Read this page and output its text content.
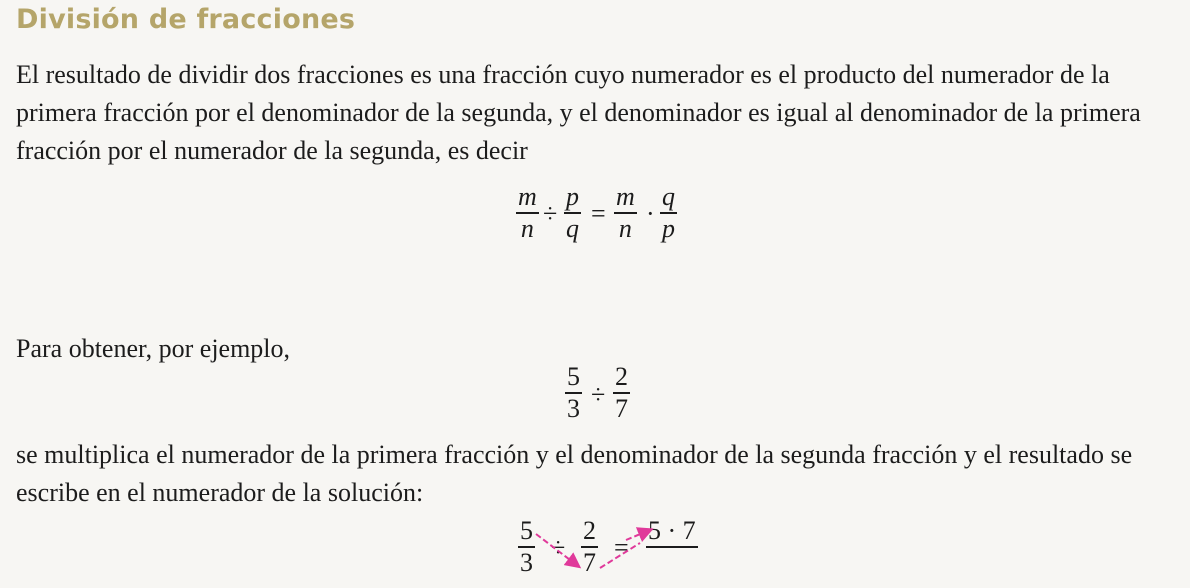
División de fracciones
El resultado de dividir dos fracciones es una fracción cuyo numerador es el producto del numerador de la primera fracción por el denominador de la segunda, y el denominador es igual al denominador de la primera fracción por el numerador de la segunda, es decir
m
n ÷
p
q =
m
n ·
q
p
Para obtener, por ejemplo,
5
3 ÷
2
7
se multiplica el numerador de la primera fracción y el denominador de la segunda fracción y el resultado se escribe en el numerador de la solución:
5
3 ÷
2
7 =
5 · 7
